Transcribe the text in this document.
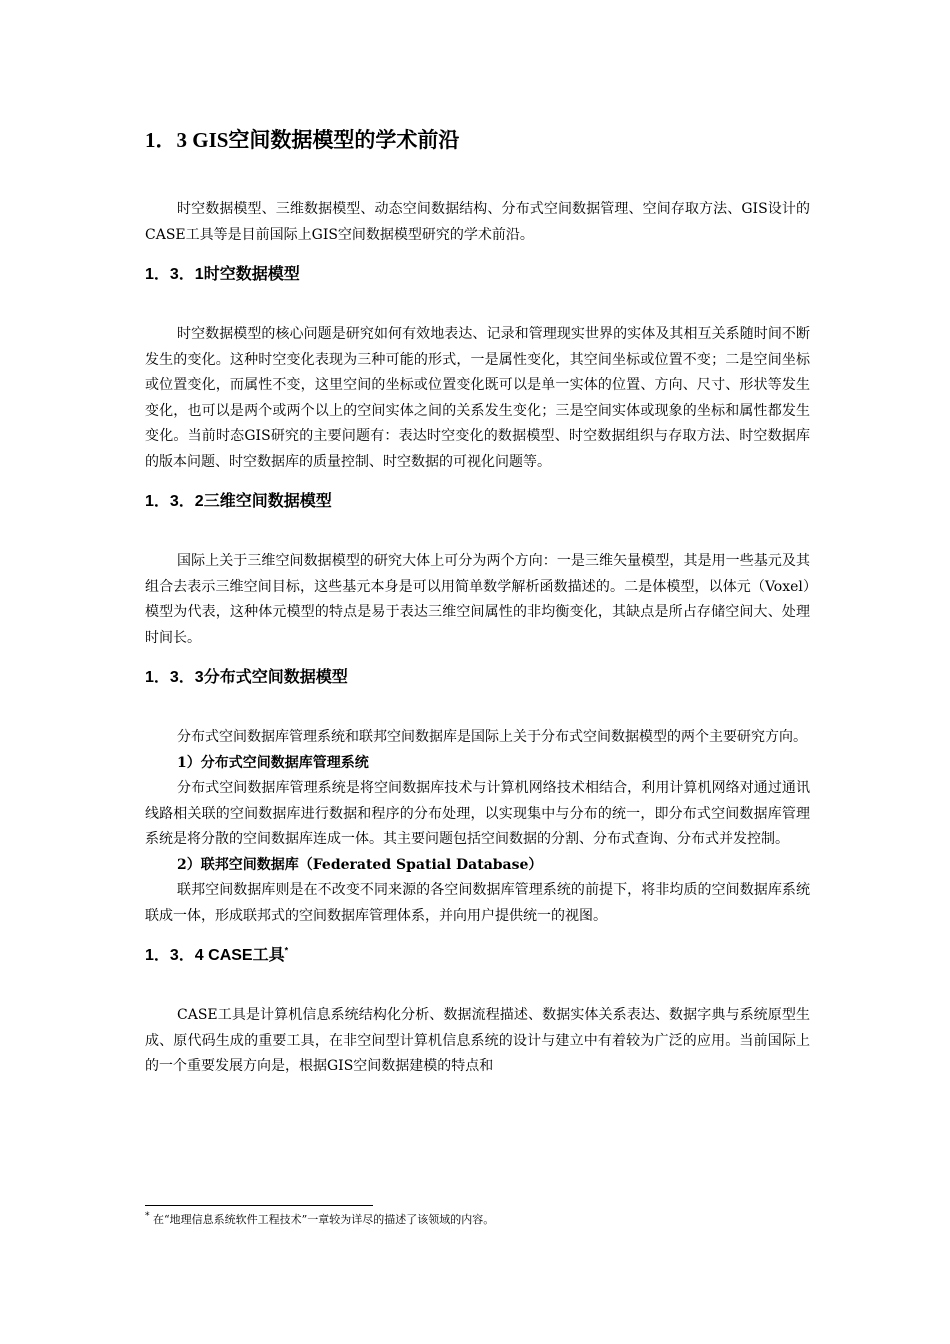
1．3 GIS空间数据模型的学术前沿
时空数据模型、三维数据模型、动态空间数据结构、分布式空间数据管理、空间存取方法、GIS设计的CASE工具等是目前国际上GIS空间数据模型研究的学术前沿。
1．3．1时空数据模型
时空数据模型的核心问题是研究如何有效地表达、记录和管理现实世界的实体及其相互关系随时间不断发生的变化。这种时空变化表现为三种可能的形式，一是属性变化，其空间坐标或位置不变；二是空间坐标或位置变化，而属性不变，这里空间的坐标或位置变化既可以是单一实体的位置、方向、尺寸、形状等发生变化，也可以是两个或两个以上的空间实体之间的关系发生变化；三是空间实体或现象的坐标和属性都发生变化。当前时态GIS研究的主要问题有：表达时空变化的数据模型、时空数据组织与存取方法、时空数据库的版本问题、时空数据库的质量控制、时空数据的可视化问题等。
1．3．2三维空间数据模型
国际上关于三维空间数据模型的研究大体上可分为两个方向：一是三维矢量模型，其是用一些基元及其组合去表示三维空间目标，这些基元本身是可以用简单数学解析函数描述的。二是体模型，以体元（Voxel）模型为代表，这种体元模型的特点是易于表达三维空间属性的非均衡变化，其缺点是所占存储空间大、处理时间长。
1．3．3分布式空间数据模型
分布式空间数据库管理系统和联邦空间数据库是国际上关于分布式空间数据模型的两个主要研究方向。
1）分布式空间数据库管理系统
分布式空间数据库管理系统是将空间数据库技术与计算机网络技术相结合，利用计算机网络对通过通讯线路相关联的空间数据库进行数据和程序的分布处理，以实现集中与分布的统一，即分布式空间数据库管理系统是将分散的空间数据库连成一体。其主要问题包括空间数据的分割、分布式查询、分布式并发控制。
2）联邦空间数据库（Federated Spatial Database）
联邦空间数据库则是在不改变不同来源的各空间数据库管理系统的前提下，将非均质的空间数据库系统联成一体，形成联邦式的空间数据库管理体系，并向用户提供统一的视图。
1．3．4 CASE工具*
CASE工具是计算机信息系统结构化分析、数据流程描述、数据实体关系表达、数据字典与系统原型生成、原代码生成的重要工具，在非空间型计算机信息系统的设计与建立中有着较为广泛的应用。当前国际上的一个重要发展方向是，根据GIS空间数据建模的特点和
* 在“地理信息系统软件工程技术”一章较为详尽的描述了该领域的内容。
